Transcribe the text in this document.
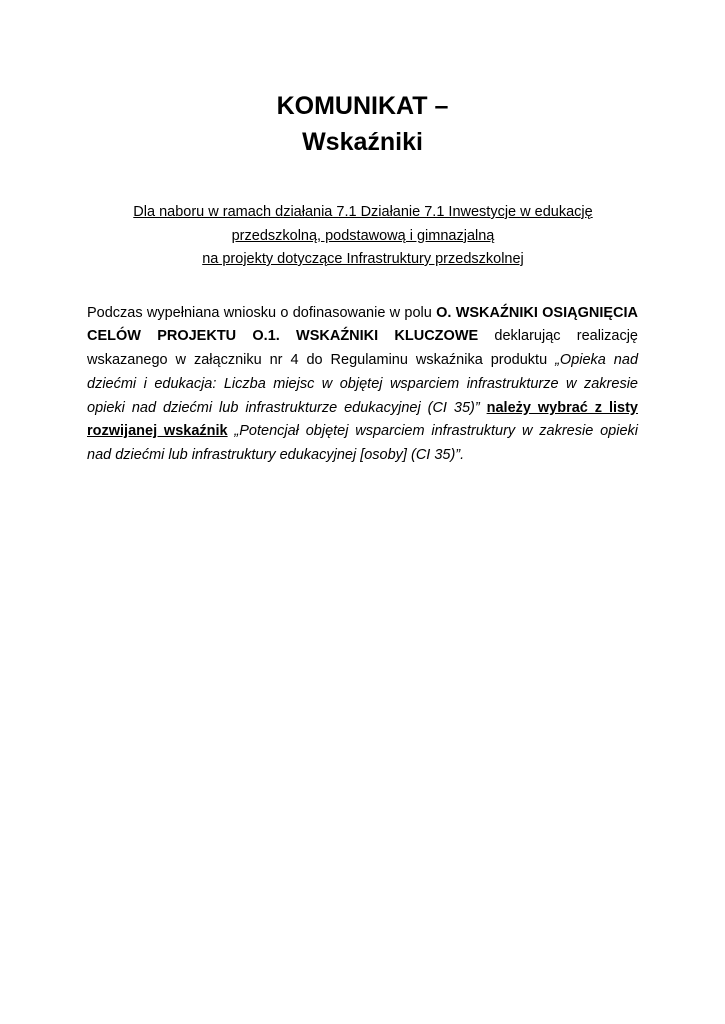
KOMUNIKAT –
Wskaźniki
Dla naboru w ramach działania 7.1 Działanie 7.1 Inwestycje w edukację
przedszkolną, podstawową i gimnazjalną
na projekty dotyczące Infrastruktury przedszkolnej

Podczas wypełniana wniosku o dofinasowanie w polu O. WSKAŹNIKI OSIĄGNIĘCIA CELÓW PROJEKTU O.1. WSKAŹNIKI KLUCZOWE deklarując realizację wskazanego w załączniku nr 4 do Regulaminu wskaźnika produktu „Opieka nad dziećmi i edukacja: Liczba miejsc w objętej wsparciem infrastrukturze w zakresie opieki nad dziećmi lub infrastrukturze edukacyjnej (CI 35)” należy wybrać z listy rozwijanej wskaźnik „Potencjał objętej wsparciem infrastruktury w zakresie opieki nad dziećmi lub infrastruktury edukacyjnej [osoby] (CI 35)”.
